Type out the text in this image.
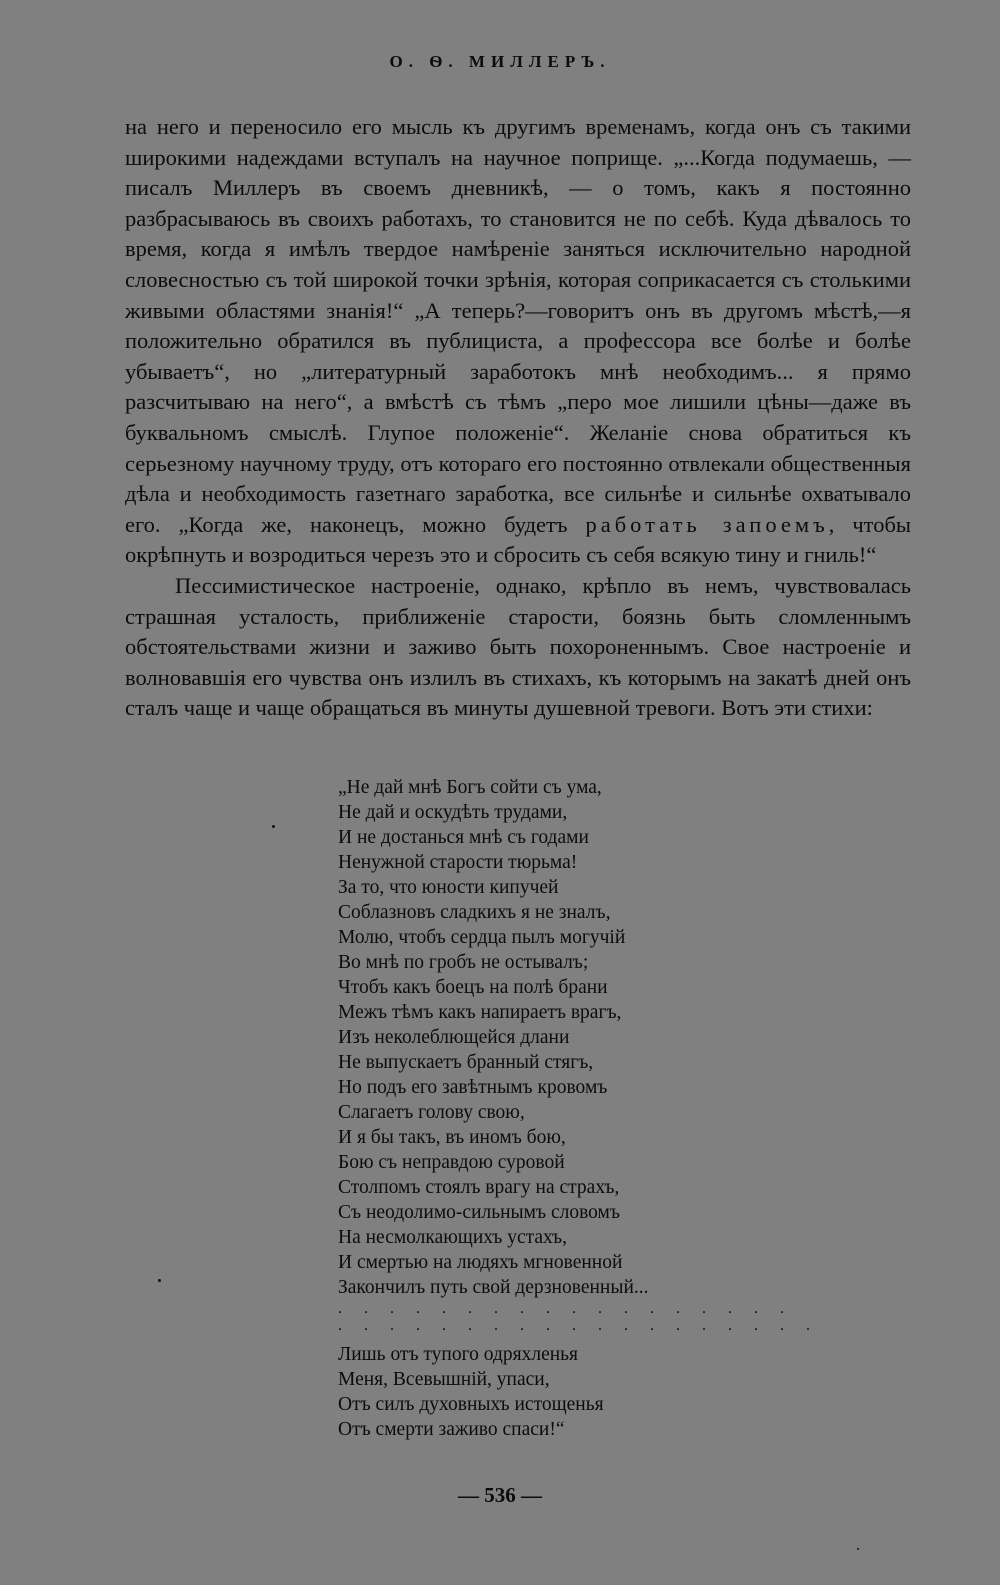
О. Ѳ. МИЛЛЕРЪ.

на него и переносило его мысль къ другимъ временамъ, когда онъ съ такими широкими надеждами вступалъ на научное поприще. „...Когда подумаешь, — писалъ Миллеръ въ своемъ дневникѣ, — о томъ, какъ я постоянно разбрасываюсь въ своихъ работахъ, то становится не по себѣ. Куда дѣвалось то время, когда я имѣлъ твердое намѣреніе заняться исключительно народной словесностью съ той широкой точки зрѣнія, которая соприкасается съ столькими живыми областями знанія!“ „А теперь?—говоритъ онъ въ другомъ мѣстѣ,—я положительно обратился въ публициста, а профессора все болѣе и болѣе убываетъ“, но „литературный заработокъ мнѣ необходимъ... я прямо разсчитываю на него“, а вмѣстѣ съ тѣмъ „перо мое лишили цѣны—даже въ буквальномъ смыслѣ. Глупое положеніе“. Желаніе снова обратиться къ серьезному научному труду, отъ котораго его постоянно отвлекали общественныя дѣла и необходимость газетнаго заработка, все сильнѣе и сильнѣе охватывало его. „Когда же, наконецъ, можно будетъ работать запоемъ, чтобы окрѣпнуть и возродиться черезъ это и сбросить съ себя всякую тину и гниль!“

Пессимистическое настроеніе, однако, крѣпло въ немъ, чувствовалась страшная усталость, приближеніе старости, боязнь быть сломленнымъ обстоятельствами жизни и заживо быть похороненнымъ. Свое настроеніе и волновавшія его чувства онъ излилъ въ стихахъ, къ которымъ на закатѣ дней онъ сталъ чаще и чаще обращаться въ минуты душевной тревоги. Вотъ эти стихи:

„Не дай мнѣ Богъ сойти съ ума,
Не дай и оскудѣть трудами,
И не достанься мнѣ съ годами
Ненужной старости тюрьма!
За то, что юности кипучей
Соблазновъ сладкихъ я не зналъ,
Молю, чтобъ сердца пылъ могучій
Во мнѣ по гробъ не остывалъ;
Чтобъ какъ боецъ на полѣ брани
Межъ тѣмъ какъ напираетъ врагъ,
Изъ неколеблющейся длани
Не выпускаетъ бранный стягъ,
Но подъ его завѣтнымъ кровомъ
Слагаетъ голову свою,
И я бы такъ, въ иномъ бою,
Бою съ неправдою суровой
Столпомъ стоялъ врагу на страхъ,
Съ неодолимо-сильнымъ словомъ
На несмолкающихъ устахъ,
И смертью на людяхъ мгновенной
Закончилъ путь свой дерзновенный...
. . . . . . . . . . . . . . . . . .
. . . . . . . . . . . . . . . . . . .
Лишь отъ тупого одряхленья
Меня, Всевышній, упаси,
Отъ силъ духовныхъ истощенья
Отъ смерти заживо спаси!“
— 536 —
